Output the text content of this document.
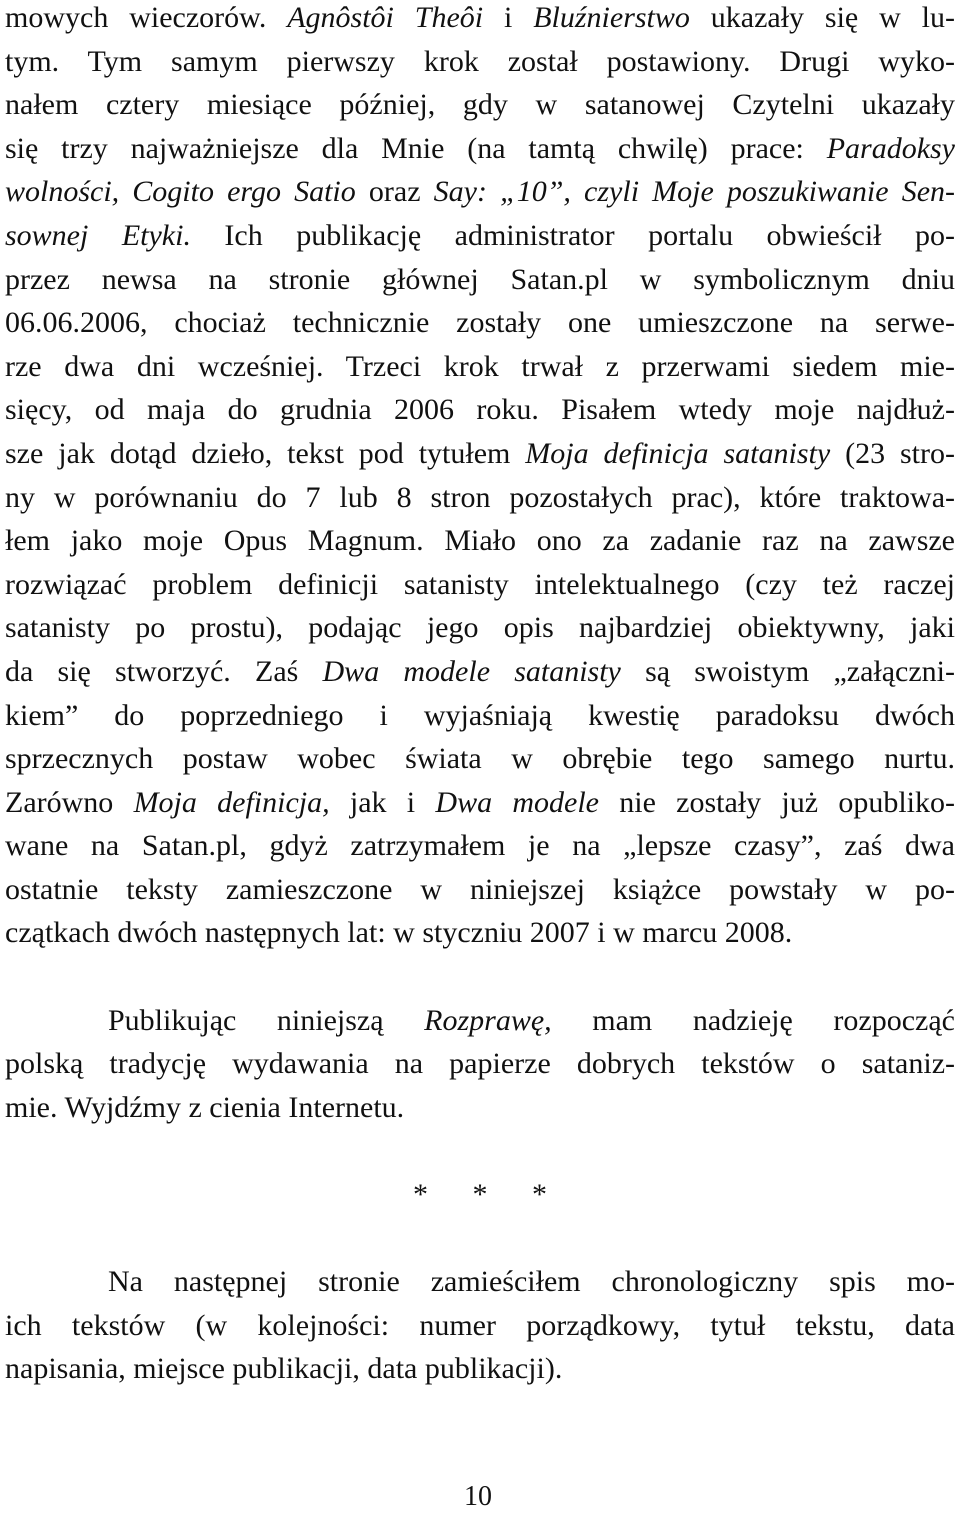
mowych wieczorów. Agnôstôi Theôi i Bluźnierstwo ukazały się w lu-
tym. Tym samym pierwszy krok został postawiony. Drugi wyko-
nałem cztery miesiące później, gdy w satanowej Czytelni ukazały
się trzy najważniejsze dla Mnie (na tamtą chwilę) prace: Paradoksy
wolności, Cogito ergo Satio oraz Say: „10”, czyli Moje poszukiwanie Sen-
sownej Etyki. Ich publikację administrator portalu obwieścił po-
przez newsa na stronie głównej Satan.pl w symbolicznym dniu
06.06.2006, chociaż technicznie zostały one umieszczone na serwe-
rze dwa dni wcześniej. Trzeci krok trwał z przerwami siedem mie-
sięcy, od maja do grudnia 2006 roku. Pisałem wtedy moje najdłuż-
sze jak dotąd dzieło, tekst pod tytułem Moja definicja satanisty (23 stro-
ny w porównaniu do 7 lub 8 stron pozostałych prac), które traktowa-
łem jako moje Opus Magnum. Miało ono za zadanie raz na zawsze
rozwiązać problem definicji satanisty intelektualnego (czy też raczej
satanisty po prostu), podając jego opis najbardziej obiektywny, jaki
da się stworzyć. Zaś Dwa modele satanisty są swoistym „załączni-
kiem” do poprzedniego i wyjaśniają kwestię paradoksu dwóch
sprzecznych postaw wobec świata w obrębie tego samego nurtu.
Zarówno Moja definicja, jak i Dwa modele nie zostały już opubliko-
wane na Satan.pl, gdyż zatrzymałem je na „lepsze czasy”, zaś dwa
ostatnie teksty zamieszczone w niniejszej książce powstały w po-
czątkach dwóch następnych lat: w styczniu 2007 i w marcu 2008.
Publikując niniejszą Rozprawę, mam nadzieję rozpocząć
polską tradycję wydawania na papierze dobrych tekstów o sataniz-
mie. Wyjdźmy z cienia Internetu.
* * *
Na następnej stronie zamieściłem chronologiczny spis mo-
ich tekstów (w kolejności: numer porządkowy, tytuł tekstu, data
napisania, miejsce publikacji, data publikacji).
10
